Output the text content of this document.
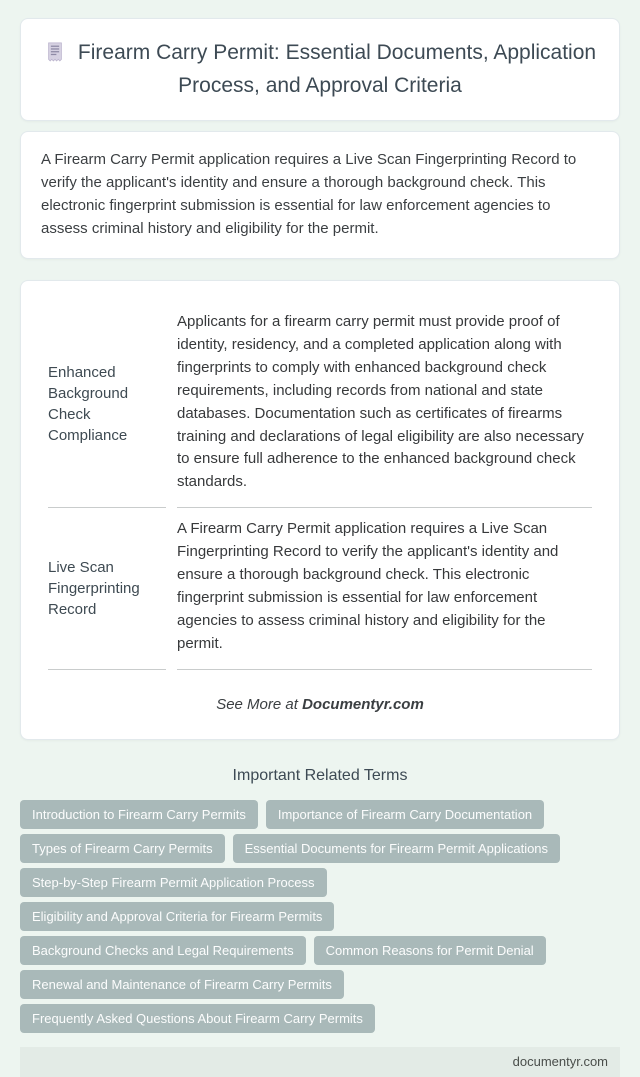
Firearm Carry Permit: Essential Documents, Application Process, and Approval Criteria

A Firearm Carry Permit application requires a Live Scan Fingerprinting Record to verify the applicant's identity and ensure a thorough background check. This electronic fingerprint submission is essential for law enforcement agencies to assess criminal history and eligibility for the permit.

Enhanced Background Check Compliance	Applicants for a firearm carry permit must provide proof of identity, residency, and a completed application along with fingerprints to comply with enhanced background check requirements, including records from national and state databases. Documentation such as certificates of firearms training and declarations of legal eligibility are also necessary to ensure full adherence to the enhanced background check standards.
Live Scan Fingerprinting Record	A Firearm Carry Permit application requires a Live Scan Fingerprinting Record to verify the applicant's identity and ensure a thorough background check. This electronic fingerprint submission is essential for law enforcement agencies to assess criminal history and eligibility for the permit.
See More at Documentyr.com
Important Related Terms
Introduction to Firearm Carry Permits	Importance of Firearm Carry Documentation
Types of Firearm Carry Permits	Essential Documents for Firearm Permit Applications
Step-by-Step Firearm Permit Application Process
Eligibility and Approval Criteria for Firearm Permits
Background Checks and Legal Requirements	Common Reasons for Permit Denial
Renewal and Maintenance of Firearm Carry Permits
Frequently Asked Questions About Firearm Carry Permits
documentyr.com
